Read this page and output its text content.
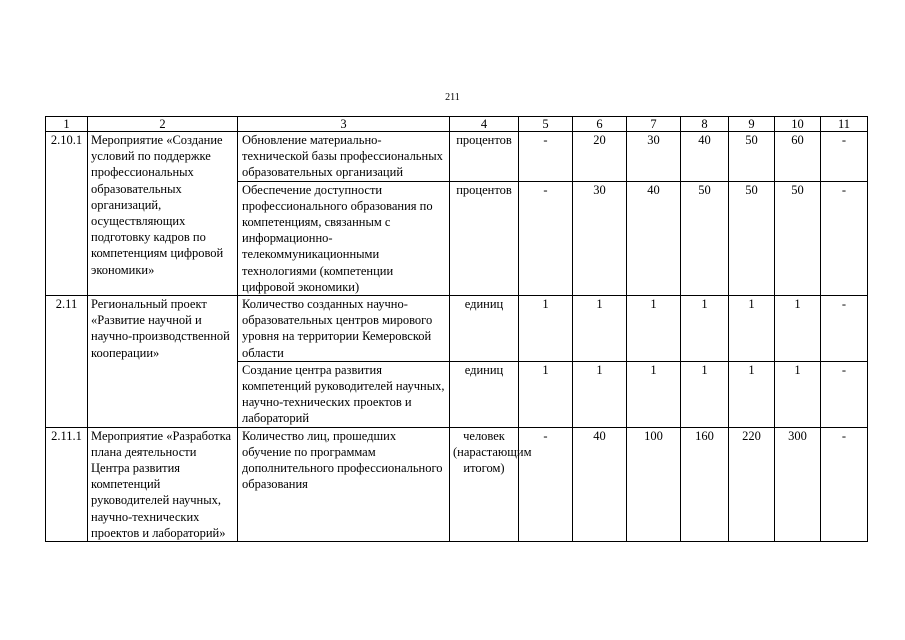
211
1	2	3	4	5	6	7	8	9	10	11
2.10.1	Мероприятие «Создание условий по поддержке профессиональных образовательных организаций, осуществляющих подготовку кадров по компетенциям цифровой экономики»	Обновление материально-технической базы профессиональных образовательных организаций	процентов	-	20	30	40	50	60	-
		Обеспечение доступности профессионального образования по компетенциям, связанным с информационно-телекоммуникационными технологиями (компетенции цифровой экономики)	процентов	-	30	40	50	50	50	-
2.11	Региональный проект «Развитие научной и научно-производственной кооперации»	Количество созданных научно-образовательных центров мирового уровня на территории Кемеровской области	единиц	1	1	1	1	1	1	-
		Создание центра развития компетенций руководителей научных, научно-технических проектов и лабораторий	единиц	1	1	1	1	1	1	-
2.11.1	Мероприятие «Разработка плана деятельности Центра развития компетенций руководителей научных, научно-технических проектов и лабораторий»	Количество лиц, прошедших обучение по программам дополнительного профессионального образования	человек (нарастающим итогом)	-	40	100	160	220	300	-
